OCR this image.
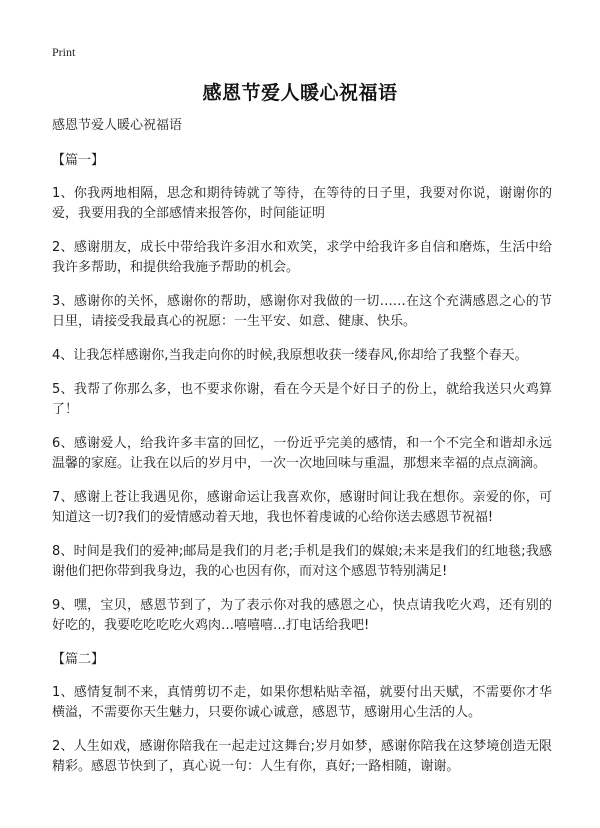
Print
感恩节爱人暖心祝福语

感恩节爱人暖心祝福语

【篇一】

1、你我两地相隔，思念和期待铸就了等待，在等待的日子里，我要对你说，谢谢你的爱，我要用我的全部感情来报答你，时间能证明

2、感谢朋友，成长中带给我许多泪水和欢笑，求学中给我许多自信和磨炼，生活中给我许多帮助，和提供给我施予帮助的机会。

3、感谢你的关怀，感谢你的帮助，感谢你对我做的一切……在这个充满感恩之心的节日里，请接受我最真心的祝愿：一生平安、如意、健康、快乐。

4、让我怎样感谢你,当我走向你的时候,我原想收获一缕春风,你却给了我整个春天。

5、我帮了你那么多，也不要求你谢，看在今天是个好日子的份上，就给我送只火鸡算了！

6、感谢爱人，给我许多丰富的回忆，一份近乎完美的感情，和一个不完全和谐却永远温馨的家庭。让我在以后的岁月中，一次一次地回味与重温，那想来幸福的点点滴滴。

7、感谢上苍让我遇见你，感谢命运让我喜欢你，感谢时间让我在想你。亲爱的你，可知道这一切?我们的爱情感动着天地，我也怀着虔诚的心给你送去感恩节祝福!

8、时间是我们的爱神;邮局是我们的月老;手机是我们的媒娘;未来是我们的红地毯;我感谢他们把你带到我身边，我的心也因有你，而对这个感恩节特别满足!

9、嘿，宝贝，感恩节到了，为了表示你对我的感恩之心，快点请我吃火鸡，还有别的好吃的，我要吃吃吃吃火鸡肉…嘻嘻嘻…打电话给我吧!

【篇二】

1、感情复制不来，真情剪切不走，如果你想粘贴幸福，就要付出天赋，不需要你才华横溢，不需要你天生魅力，只要你诚心诚意，感恩节，感谢用心生活的人。

2、人生如戏，感谢你陪我在一起走过这舞台;岁月如梦，感谢你陪我在这梦境创造无限精彩。感恩节快到了，真心说一句：人生有你，真好;一路相随，谢谢。
